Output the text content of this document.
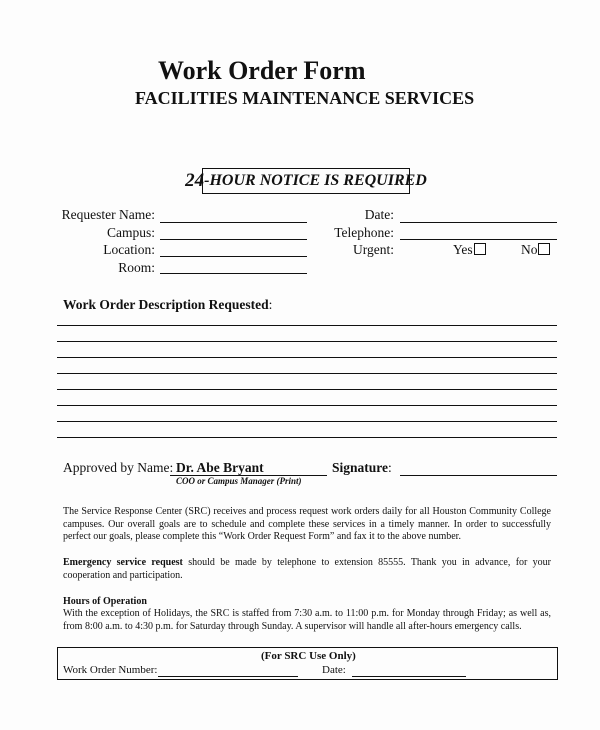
Work Order Form
FACILITIES MAINTENANCE SERVICES
24 -HOUR NOTICE IS REQUIRED
Requester Name:
Campus:
Location:
Room:
Date:
Telephone:
Urgent:	Yes	No
Work Order Description Requested:
Approved by Name: Dr. Abe Bryant
COO or Campus Manager (Print)
Signature:
The Service Response Center (SRC) receives and process request work orders daily for all Houston Community College campuses. Our overall goals are to schedule and complete these services in a timely manner. In order to successfully perfect our goals, please complete this “Work Order Request Form” and fax it to the above number.
Emergency service request should be made by telephone to extension 85555. Thank you in advance, for your cooperation and participation.
Hours of Operation
With the exception of Holidays, the SRC is staffed from 7:30 a.m. to 11:00 p.m. for Monday through Friday; as well as, from 8:00 a.m. to 4:30 p.m. for Saturday through Sunday. A supervisor will handle all after-hours emergency calls.
(For SRC Use Only)
Work Order Number:	Date:
